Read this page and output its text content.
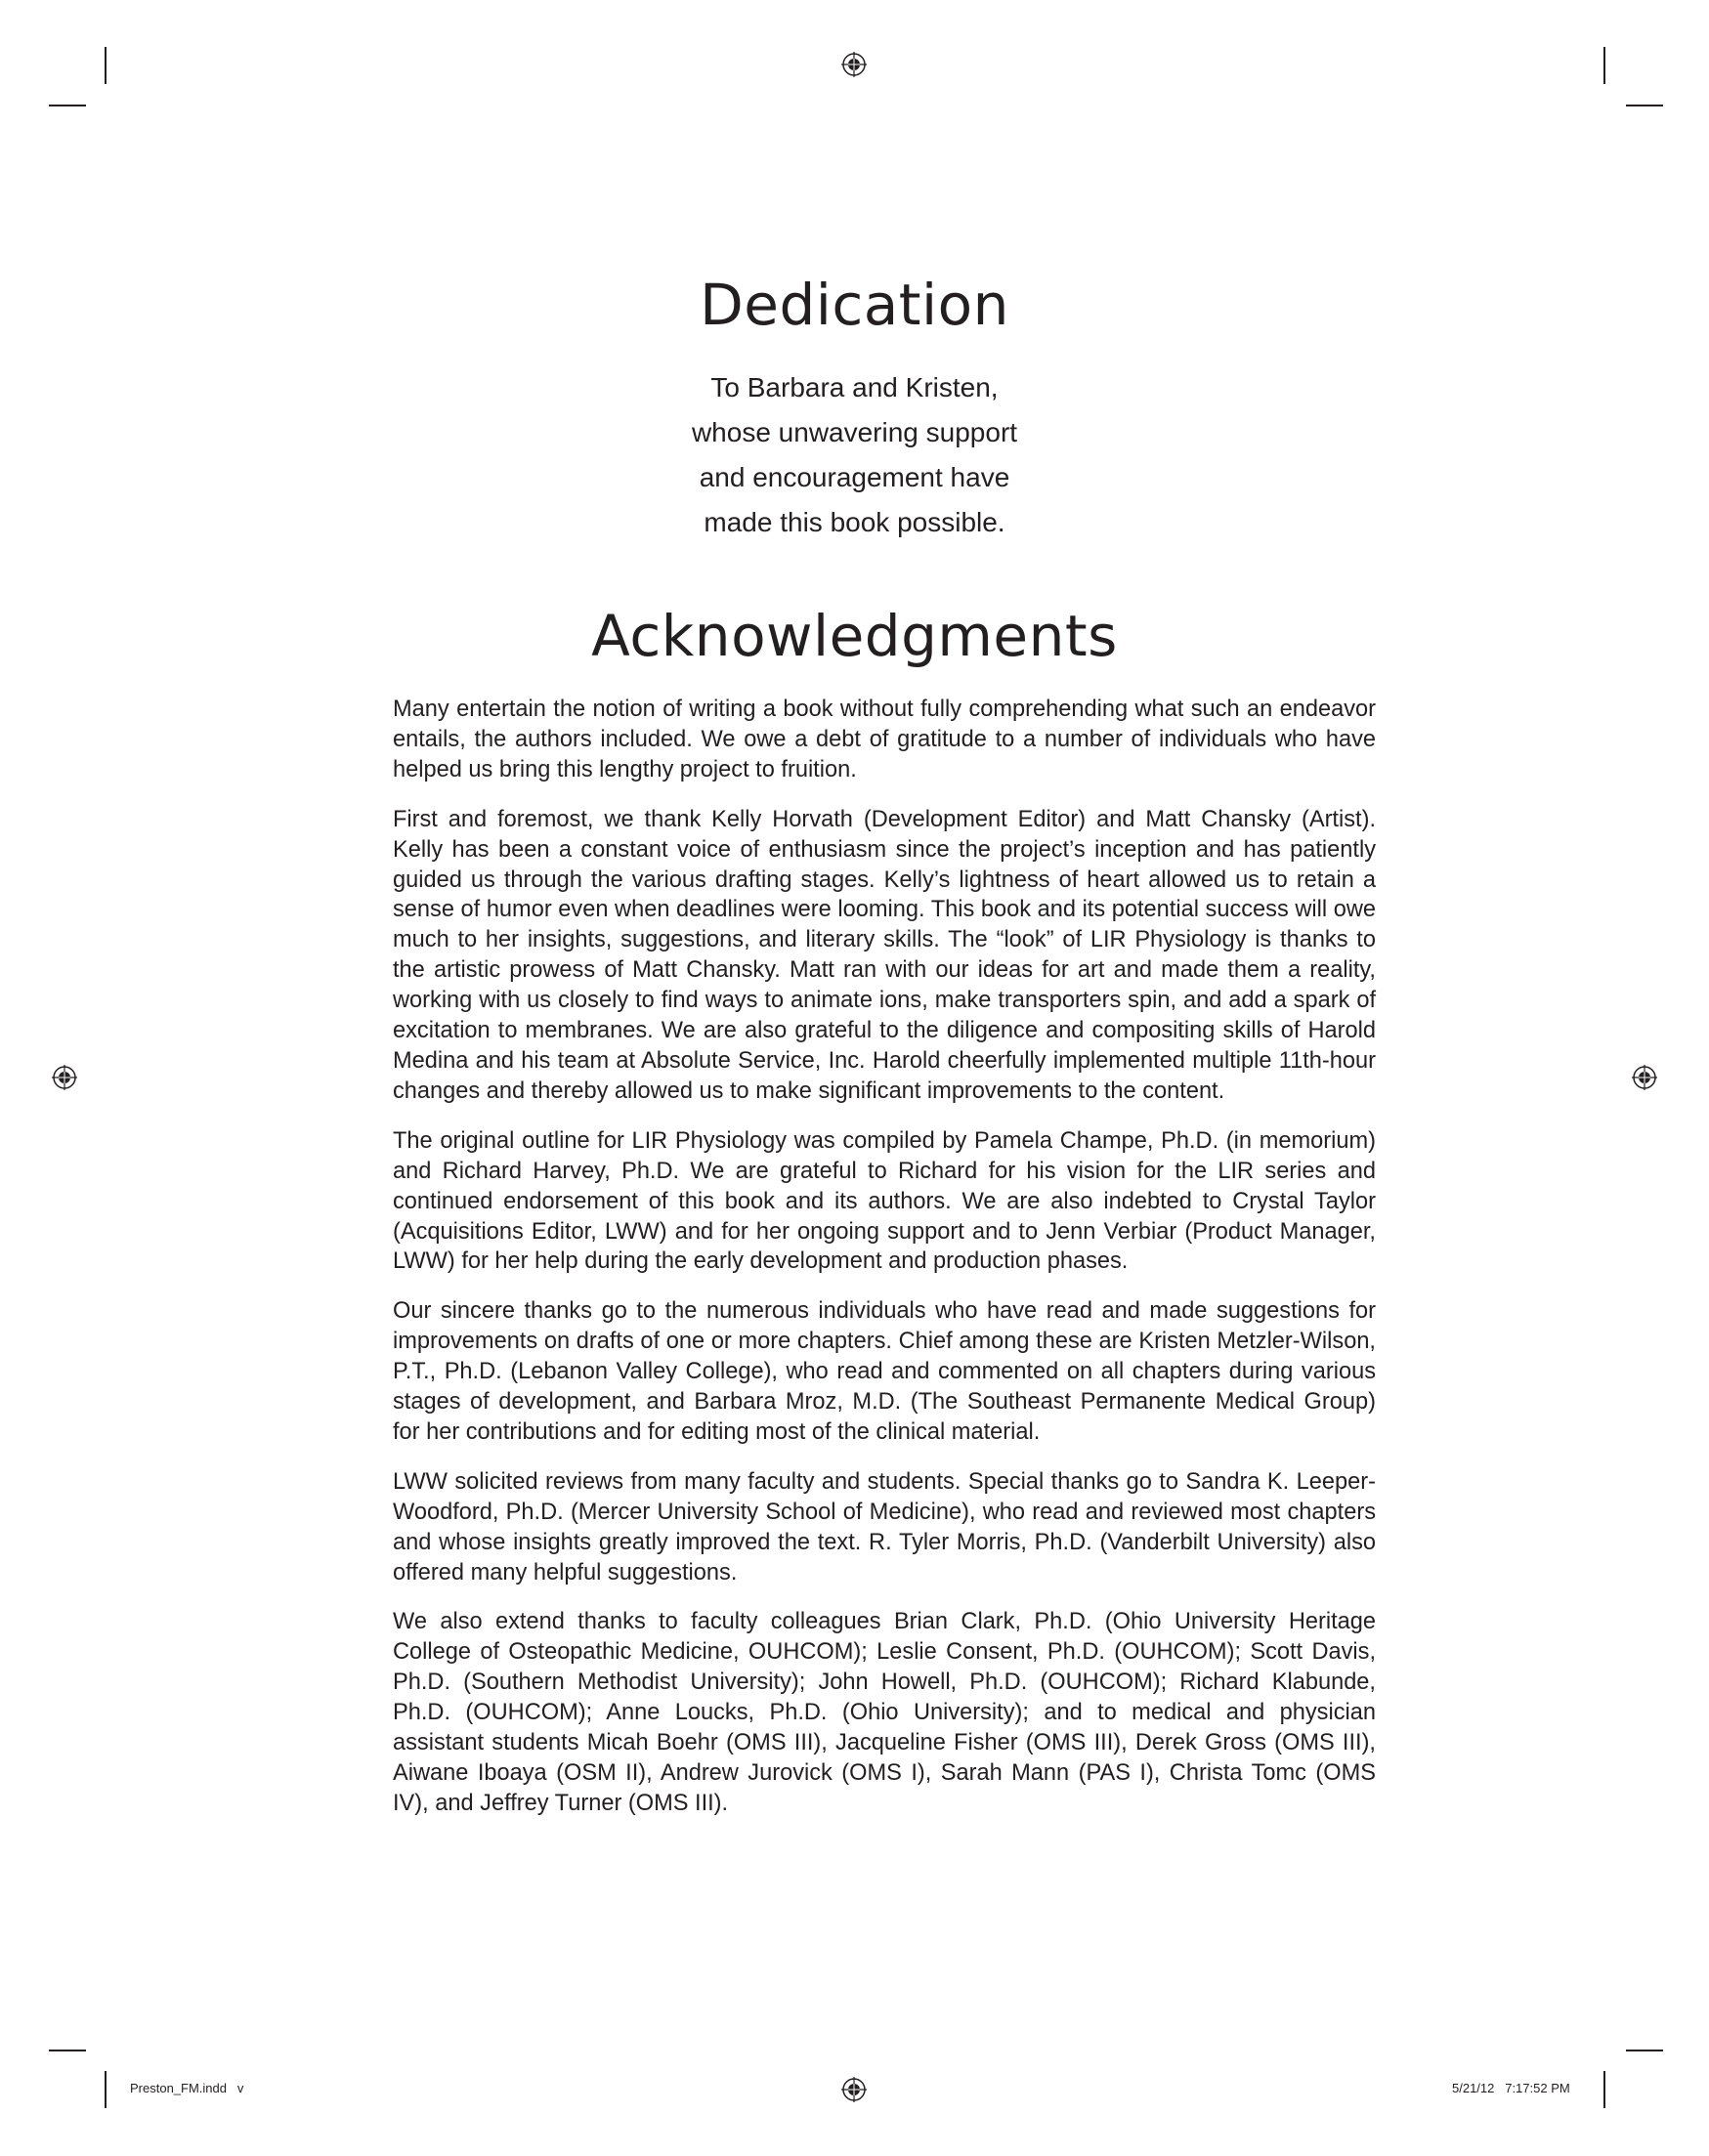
Dedication
To Barbara and Kristen,
whose unwavering support
and encouragement have
made this book possible.
Acknowledgments

Many entertain the notion of writing a book without fully comprehending what such an endeavor entails, the authors included. We owe a debt of gratitude to a number of individuals who have helped us bring this lengthy project to fruition.

First and foremost, we thank Kelly Horvath (Development Editor) and Matt Chansky (Artist). Kelly has been a constant voice of enthusiasm since the project’s inception and has patiently guided us through the various drafting stages. Kelly’s lightness of heart allowed us to retain a sense of humor even when deadlines were looming. This book and its potential success will owe much to her insights, suggestions, and literary skills. The “look” of LIR Physiology is thanks to the artistic prowess of Matt Chansky. Matt ran with our ideas for art and made them a reality, working with us closely to find ways to animate ions, make transporters spin, and add a spark of excitation to membranes. We are also grateful to the diligence and compositing skills of Harold Medina and his team at Absolute Service, Inc. Harold cheerfully implemented multiple 11th-hour changes and thereby allowed us to make significant improvements to the content.

The original outline for LIR Physiology was compiled by Pamela Champe, Ph.D. (in memorium) and Richard Harvey, Ph.D. We are grateful to Richard for his vision for the LIR series and continued endorsement of this book and its authors. We are also indebted to Crystal Taylor (Acquisitions Editor, LWW) and for her ongoing support and to Jenn Verbiar (Product Manager, LWW) for her help during the early development and production phases.

Our sincere thanks go to the numerous individuals who have read and made suggestions for improvements on drafts of one or more chapters. Chief among these are Kristen Metzler-Wilson, P.T., Ph.D. (Lebanon Valley College), who read and commented on all chapters during various stages of development, and Barbara Mroz, M.D. (The Southeast Permanente Medical Group) for her contributions and for editing most of the clinical material.

LWW solicited reviews from many faculty and students. Special thanks go to Sandra K. Leeper-Woodford, Ph.D. (Mercer University School of Medicine), who read and reviewed most chapters and whose insights greatly improved the text. R. Tyler Morris, Ph.D. (Vanderbilt University) also offered many helpful suggestions.

We also extend thanks to faculty colleagues Brian Clark, Ph.D. (Ohio University Heritage College of Osteopathic Medicine, OUHCOM); Leslie Consent, Ph.D. (OUHCOM); Scott Davis, Ph.D. (Southern Methodist University); John Howell, Ph.D. (OUHCOM); Richard Klabunde, Ph.D. (OUHCOM); Anne Loucks, Ph.D. (Ohio University); and to medical and physician assistant students Micah Boehr (OMS III), Jacqueline Fisher (OMS III), Derek Gross (OMS III), Aiwane Iboaya (OSM II), Andrew Jurovick (OMS I), Sarah Mann (PAS I), Christa Tomc (OMS IV), and Jeffrey Turner (OMS III).

Preston_FM.indd   v	5/21/12   7:17:52 PM
